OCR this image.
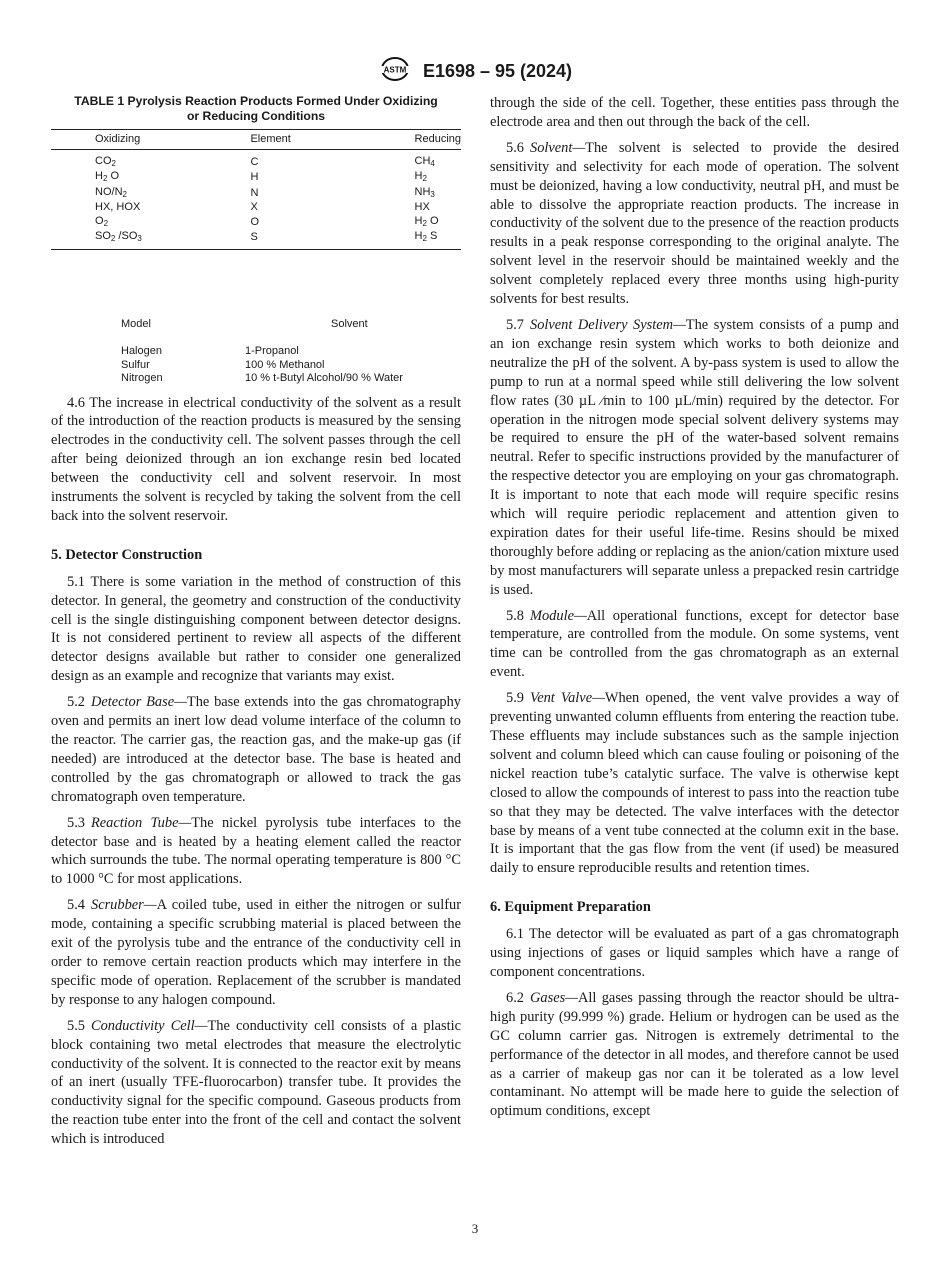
ASTM E1698 – 95 (2024)
TABLE 1 Pyrolysis Reaction Products Formed Under Oxidizing
or Reducing Conditions
Oxidizing	Element	Reducing
$CO_2$	C	$CH_4$
$H_2$ O	H	$H_2$
$NO/N_2$	N	$NH_3$
HX, HOX	X	HX
$O_2$	O	$H_2$ O
$SO_2$ $/SO_3$	S	$H_2$ S
Model	Solvent
Halogen	1-Propanol
Sulfur	100 % Methanol
Nitrogen	10 % t-Butyl Alcohol/90 % Water

4.6 The increase in electrical conductivity of the solvent as a result of the introduction of the reaction products is measured by the sensing electrodes in the conductivity cell. The solvent passes through the cell after being deionized through an ion exchange resin bed located between the conductivity cell and solvent reservoir. In most instruments the solvent is recycled by taking the solvent from the cell back into the solvent reservoir.

5. Detector Construction

5.1 There is some variation in the method of construction of this detector. In general, the geometry and construction of the conductivity cell is the single distinguishing component between detector designs. It is not considered pertinent to review all aspects of the different detector designs available but rather to consider one generalized design as an example and recognize that variants may exist.

5.2 Detector Base—The base extends into the gas chromatography oven and permits an inert low dead volume interface of the column to the reactor. The carrier gas, the reaction gas, and the make-up gas (if needed) are introduced at the detector base. The base is heated and controlled by the gas chromatograph or allowed to track the gas chromatograph oven temperature.

5.3 Reaction Tube—The nickel pyrolysis tube interfaces to the detector base and is heated by a heating element called the reactor which surrounds the tube. The normal operating temperature is 800 °C to 1000 °C for most applications.

5.4 Scrubber—A coiled tube, used in either the nitrogen or sulfur mode, containing a specific scrubbing material is placed between the exit of the pyrolysis tube and the entrance of the conductivity cell in order to remove certain reaction products which may interfere in the specific mode of operation. Replacement of the scrubber is mandated by response to any halogen compound.

5.5 Conductivity Cell—The conductivity cell consists of a plastic block containing two metal electrodes that measure the electrolytic conductivity of the solvent. It is connected to the reactor exit by means of an inert (usually TFE-fluorocarbon) transfer tube. It provides the conductivity signal for the specific compound. Gaseous products from the reaction tube enter into the front of the cell and contact the solvent which is introduced

through the side of the cell. Together, these entities pass through the electrode area and then out through the back of the cell.

5.6 Solvent—The solvent is selected to provide the desired sensitivity and selectivity for each mode of operation. The solvent must be deionized, having a low conductivity, neutral pH, and must be able to dissolve the appropriate reaction products. The increase in conductivity of the solvent due to the presence of the reaction products results in a peak response corresponding to the original analyte. The solvent level in the reservoir should be maintained weekly and the solvent completely replaced every three months using high-purity solvents for best results.

5.7 Solvent Delivery System—The system consists of a pump and an ion exchange resin system which works to both deionize and neutralize the pH of the solvent. A by-pass system is used to allow the pump to run at a normal speed while still delivering the low solvent flow rates (30 µL ⁄min to 100 µL/min) required by the detector. For operation in the nitrogen mode special solvent delivery systems may be required to ensure the pH of the water-based solvent remains neutral. Refer to specific instructions provided by the manufacturer of the respective detector you are employing on your gas chromatograph. It is important to note that each mode will require specific resins which will require periodic replacement and attention given to expiration dates for their useful life-time. Resins should be mixed thoroughly before adding or replacing as the anion/cation mixture used by most manufacturers will separate unless a prepacked resin cartridge is used.

5.8 Module—All operational functions, except for detector base temperature, are controlled from the module. On some systems, vent time can be controlled from the gas chromatograph as an external event.

5.9 Vent Valve—When opened, the vent valve provides a way of preventing unwanted column effluents from entering the reaction tube. These effluents may include substances such as the sample injection solvent and column bleed which can cause fouling or poisoning of the nickel reaction tube’s catalytic surface. The valve is otherwise kept closed to allow the compounds of interest to pass into the reaction tube so that they may be detected. The valve interfaces with the detector base by means of a vent tube connected at the column exit in the base. It is important that the gas flow from the vent (if used) be measured daily to ensure reproducible results and retention times.

6. Equipment Preparation

6.1 The detector will be evaluated as part of a gas chromatograph using injections of gases or liquid samples which have a range of component concentrations.

6.2 Gases—All gases passing through the reactor should be ultra-high purity (99.999 %) grade. Helium or hydrogen can be used as the GC column carrier gas. Nitrogen is extremely detrimental to the performance of the detector in all modes, and therefore cannot be used as a carrier of makeup gas nor can it be tolerated as a low level contaminant. No attempt will be made here to guide the selection of optimum conditions, except

3
